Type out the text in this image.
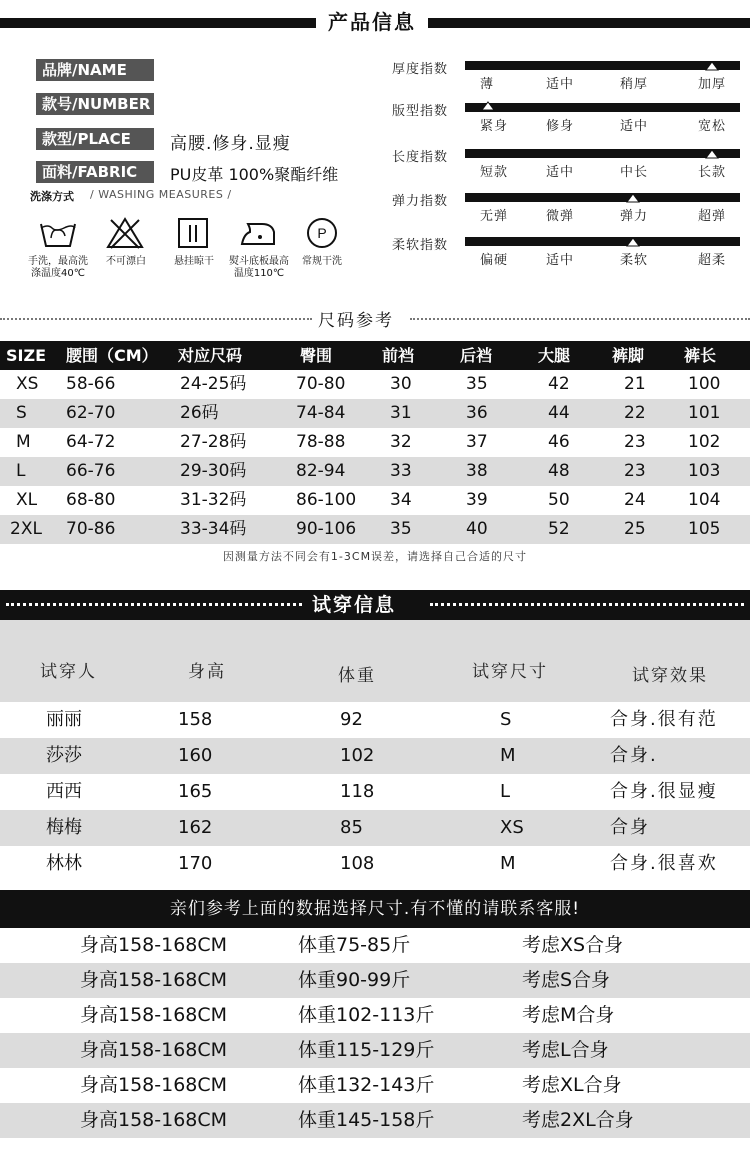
产品信息
品牌/NAME
款号/NUMBER
款型/PLACE	高腰.修身.显瘦
面料/FABRIC	PU皮革 100%聚酯纤维
洗涤方式 / WASHING MEASURES /
P
手洗，最高洗涤温度40℃
不可漂白	悬挂晾干	熨斗底板最高温度110℃
常规干洗
厚度指数
薄	适中	稍厚	加厚
版型指数
紧身	修身	适中	宽松
长度指数
短款	适中	中长	长款
弹力指数
无弹	微弹	弹力	超弹
柔软指数
偏硬	适中	柔软	超柔
尺码参考
SIZE 腰围（CM） 对应尺码	臀围	前裆	后裆	大腿	裤脚 裤长
XS 58-66	24-25码	70-80	30	35	42	21 100
S 62-70	26码	74-84	31	36	44	22 101
M 64-72	27-28码	78-88	32	37	46	23 102
L 66-76	29-30码	82-94	33	38	48	23 103
XL 68-80	31-32码	86-100 34	39	50	24 104
2XL 70-86	33-34码	90-106 35	40	52	25 105
因测量方法不同会有1-3CM误差，请选择自己合适的尺寸
试穿信息
试穿人	身高	体重	试穿尺寸	试穿效果
丽丽	158	92	S	合身.很有范
莎莎	160	102	M	合身.
西西	165	118	L	合身.很显瘦
梅梅	162	85	XS	合身
林林	170	108	M	合身.很喜欢
亲们参考上面的数据选择尺寸.有不懂的请联系客服!
身高158-168CM	体重75-85斤	考虑XS合身
身高158-168CM	体重90-99斤	考虑S合身
身高158-168CM	体重102-113斤	考虑M合身
身高158-168CM	体重115-129斤	考虑L合身
身高158-168CM	体重132-143斤	考虑XL合身
身高158-168CM	体重145-158斤	考虑2XL合身
